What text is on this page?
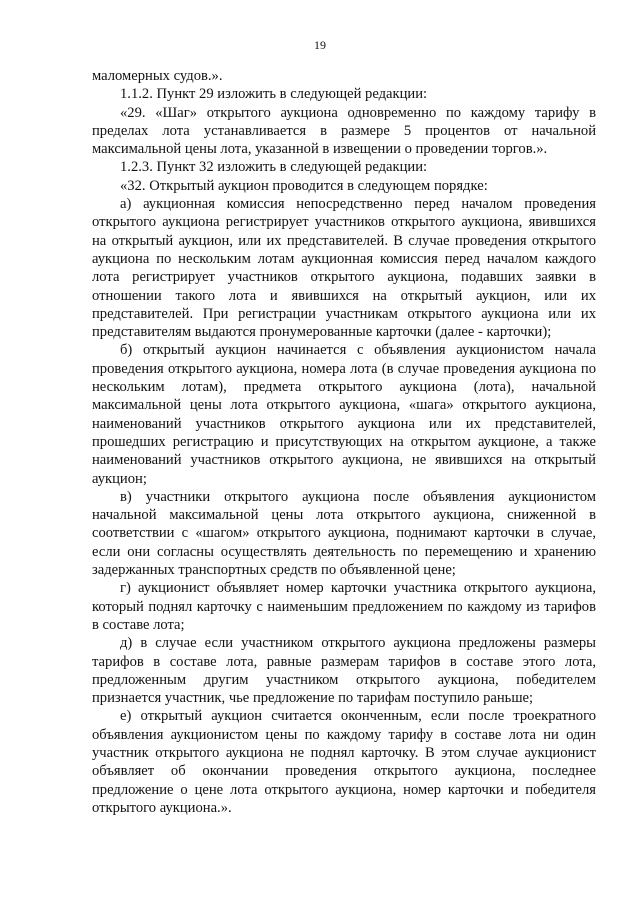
19

маломерных судов.».

1.1.2. Пункт 29 изложить в следующей редакции:

«29. «Шаг» открытого аукциона одновременно по каждому тарифу в пределах лота устанавливается в размере 5 процентов от начальной максимальной цены лота, указанной в извещении о проведении торгов.».

1.2.3. Пункт 32 изложить в следующей редакции:

«32. Открытый аукцион проводится в следующем порядке:

а) аукционная комиссия непосредственно перед началом проведения открытого аукциона регистрирует участников открытого аукциона, явившихся на открытый аукцион, или их представителей. В случае проведения открытого аукциона по нескольким лотам аукционная комиссия перед началом каждого лота регистрирует участников открытого аукциона, подавших заявки в отношении такого лота и явившихся на открытый аукцион, или их представителей. При регистрации участникам открытого аукциона или их представителям выдаются пронумерованные карточки (далее - карточки);

б) открытый аукцион начинается с объявления аукционистом начала проведения открытого аукциона, номера лота (в случае проведения аукциона по нескольким лотам), предмета открытого аукциона (лота), начальной максимальной цены лота открытого аукциона, «шага» открытого аукциона, наименований участников открытого аукциона или их представителей, прошедших регистрацию и присутствующих на открытом аукционе, а также наименований участников открытого аукциона, не явившихся на открытый аукцион;

в) участники открытого аукциона после объявления аукционистом начальной максимальной цены лота открытого аукциона, сниженной в соответствии с «шагом» открытого аукциона, поднимают карточки в случае, если они согласны осуществлять деятельность по перемещению и хранению задержанных транспортных средств по объявленной цене;

г) аукционист объявляет номер карточки участника открытого аукциона, который поднял карточку с наименьшим предложением по каждому из тарифов в составе лота;

д) в случае если участником открытого аукциона предложены размеры тарифов в составе лота, равные размерам тарифов в составе этого лота, предложенным другим участником открытого аукциона, победителем признается участник, чье предложение по тарифам поступило раньше;

е) открытый аукцион считается оконченным, если после троекратного объявления аукционистом цены по каждому тарифу в составе лота ни один участник открытого аукциона не поднял карточку. В этом случае аукционист объявляет об окончании проведения открытого аукциона, последнее предложение о цене лота открытого аукциона, номер карточки и победителя открытого аукциона.».
